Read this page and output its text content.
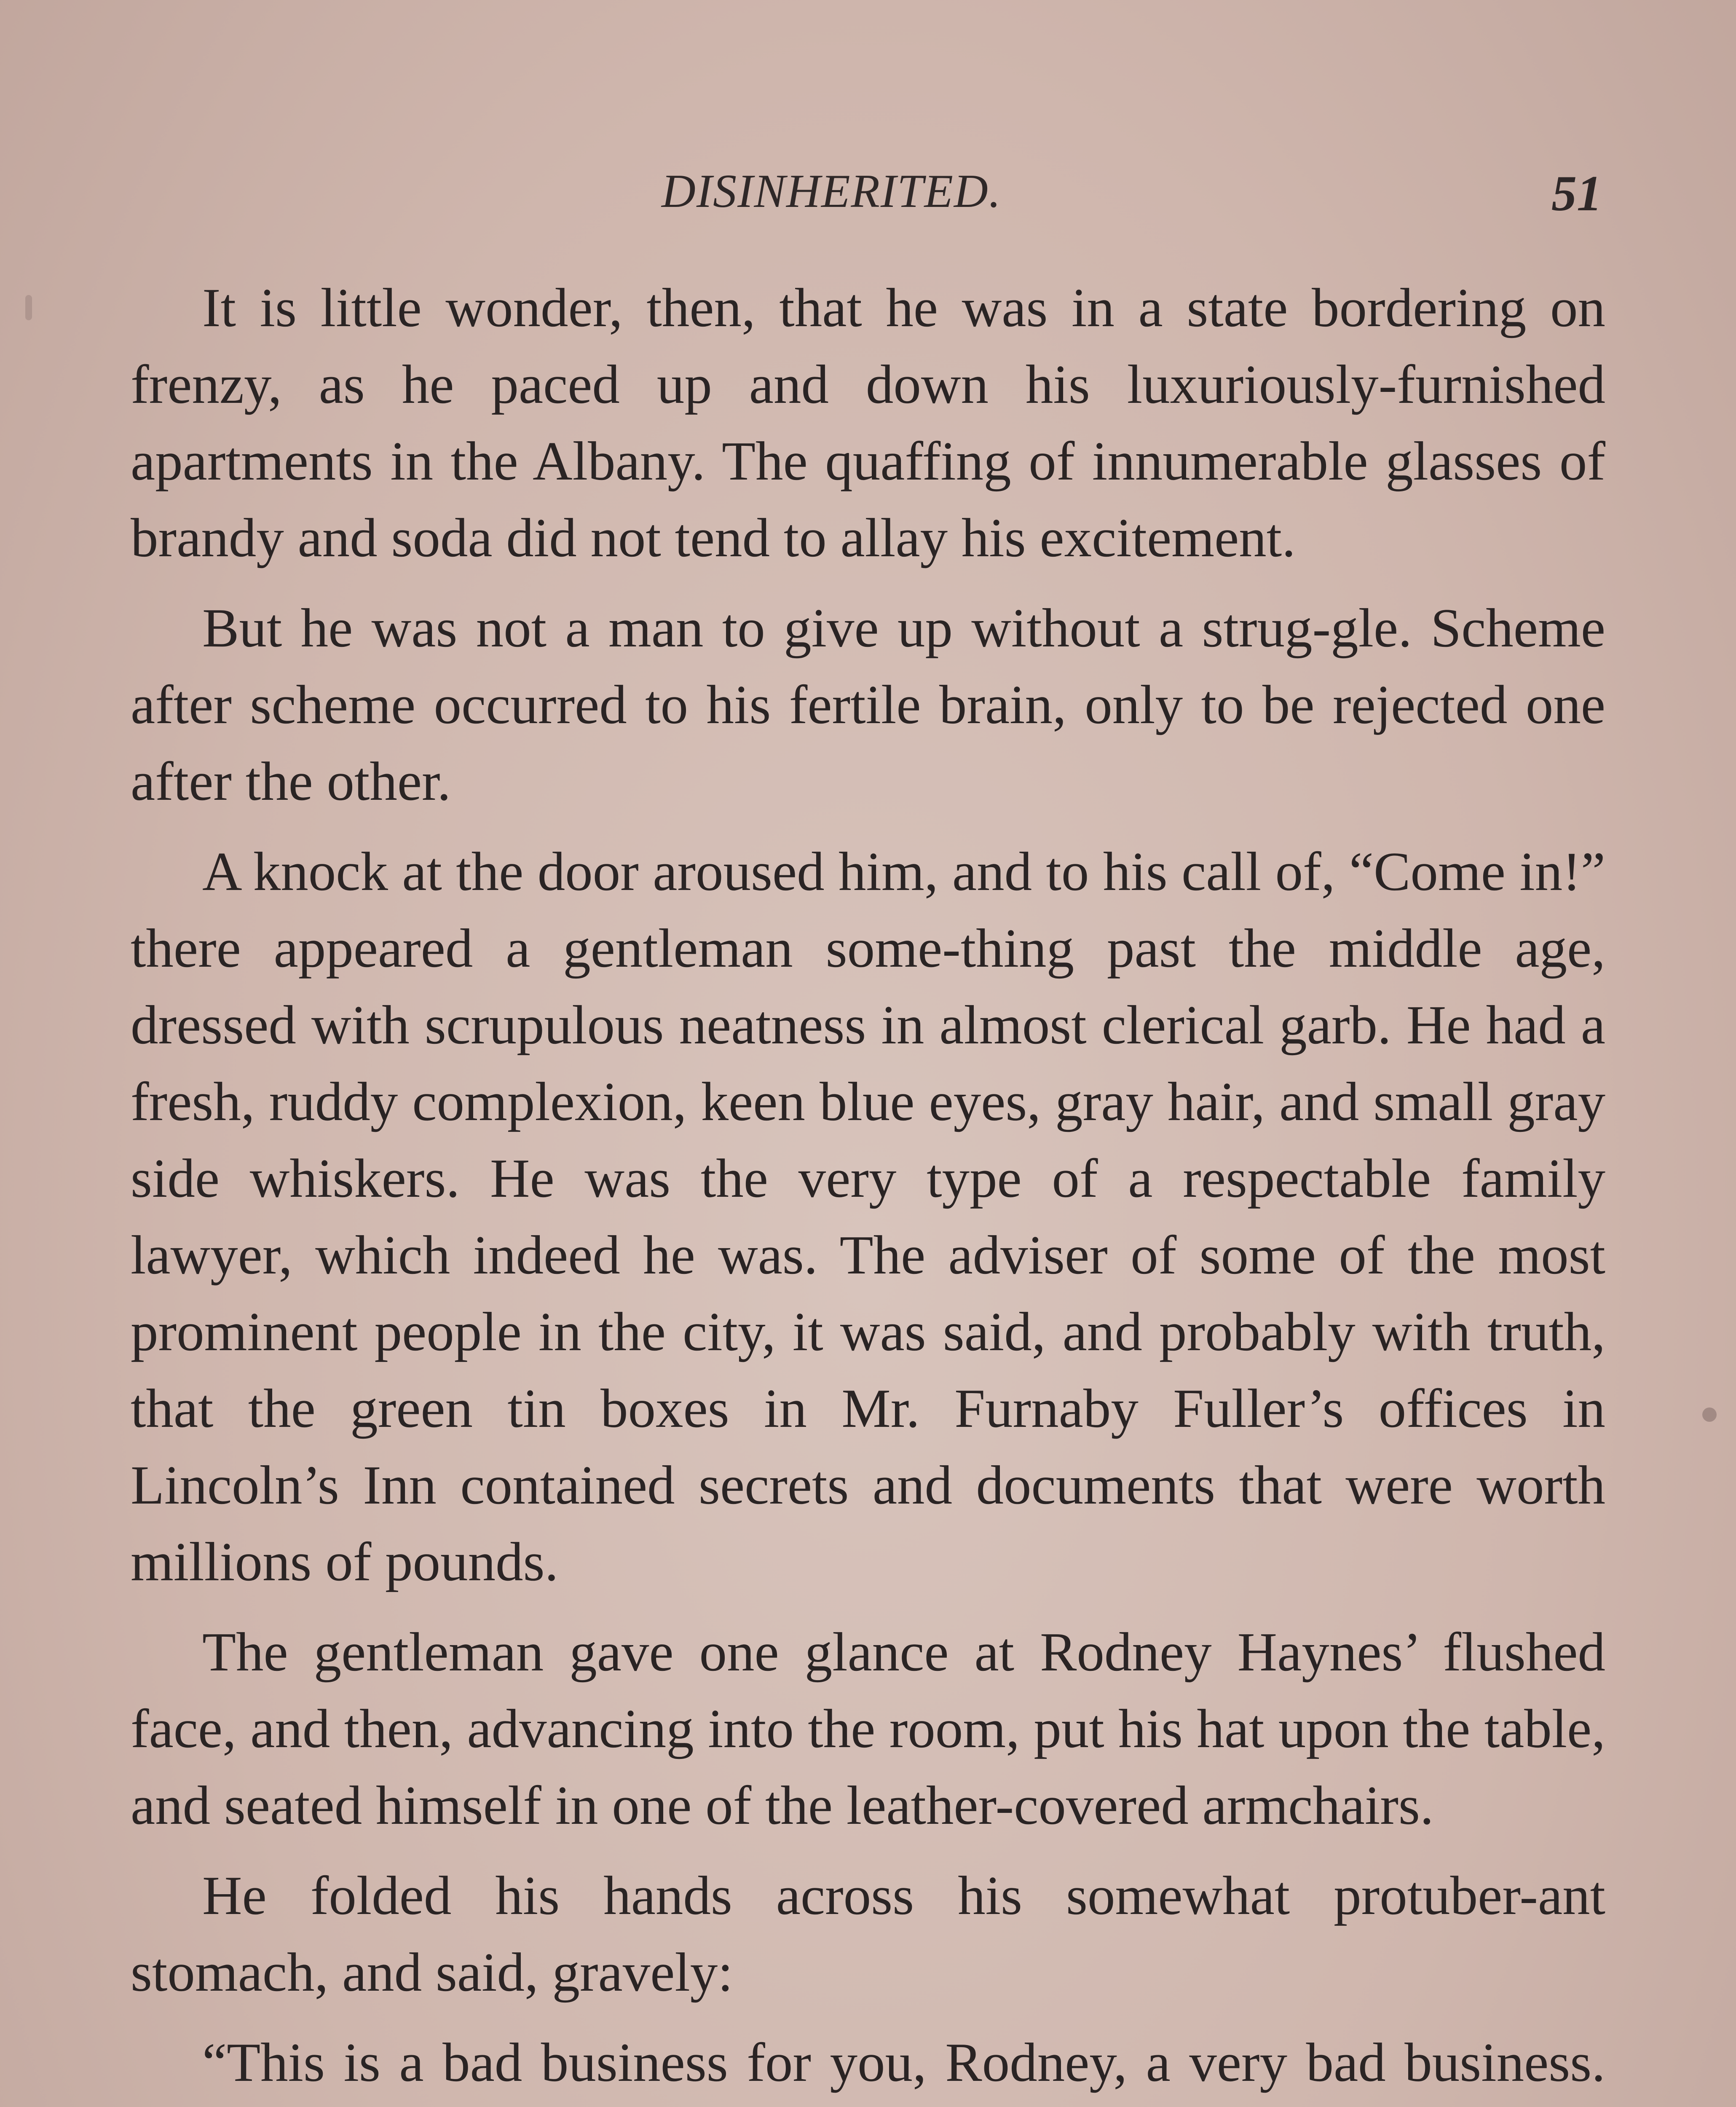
DISINHERITED.	51

It is little wonder, then, that he was in a state bordering on frenzy, as he paced up and down his luxuriously-furnished apartments in the Albany. The quaffing of innumerable glasses of brandy and soda did not tend to allay his excitement.

But he was not a man to give up without a strug-gle. Scheme after scheme occurred to his fertile brain, only to be rejected one after the other.

A knock at the door aroused him, and to his call of, “Come in!” there appeared a gentleman some-thing past the middle age, dressed with scrupulous neatness in almost clerical garb. He had a fresh, ruddy complexion, keen blue eyes, gray hair, and small gray side whiskers. He was the very type of a respectable family lawyer, which indeed he was. The adviser of some of the most prominent people in the city, it was said, and probably with truth, that the green tin boxes in Mr. Furnaby Fuller’s offices in Lincoln’s Inn contained secrets and documents that were worth millions of pounds.

The gentleman gave one glance at Rodney Haynes’ flushed face, and then, advancing into the room, put his hat upon the table, and seated himself in one of the leather-covered armchairs.

He folded his hands across his somewhat protuber-ant stomach, and said, gravely:

“This is a bad business for you, Rodney, a very bad business.
